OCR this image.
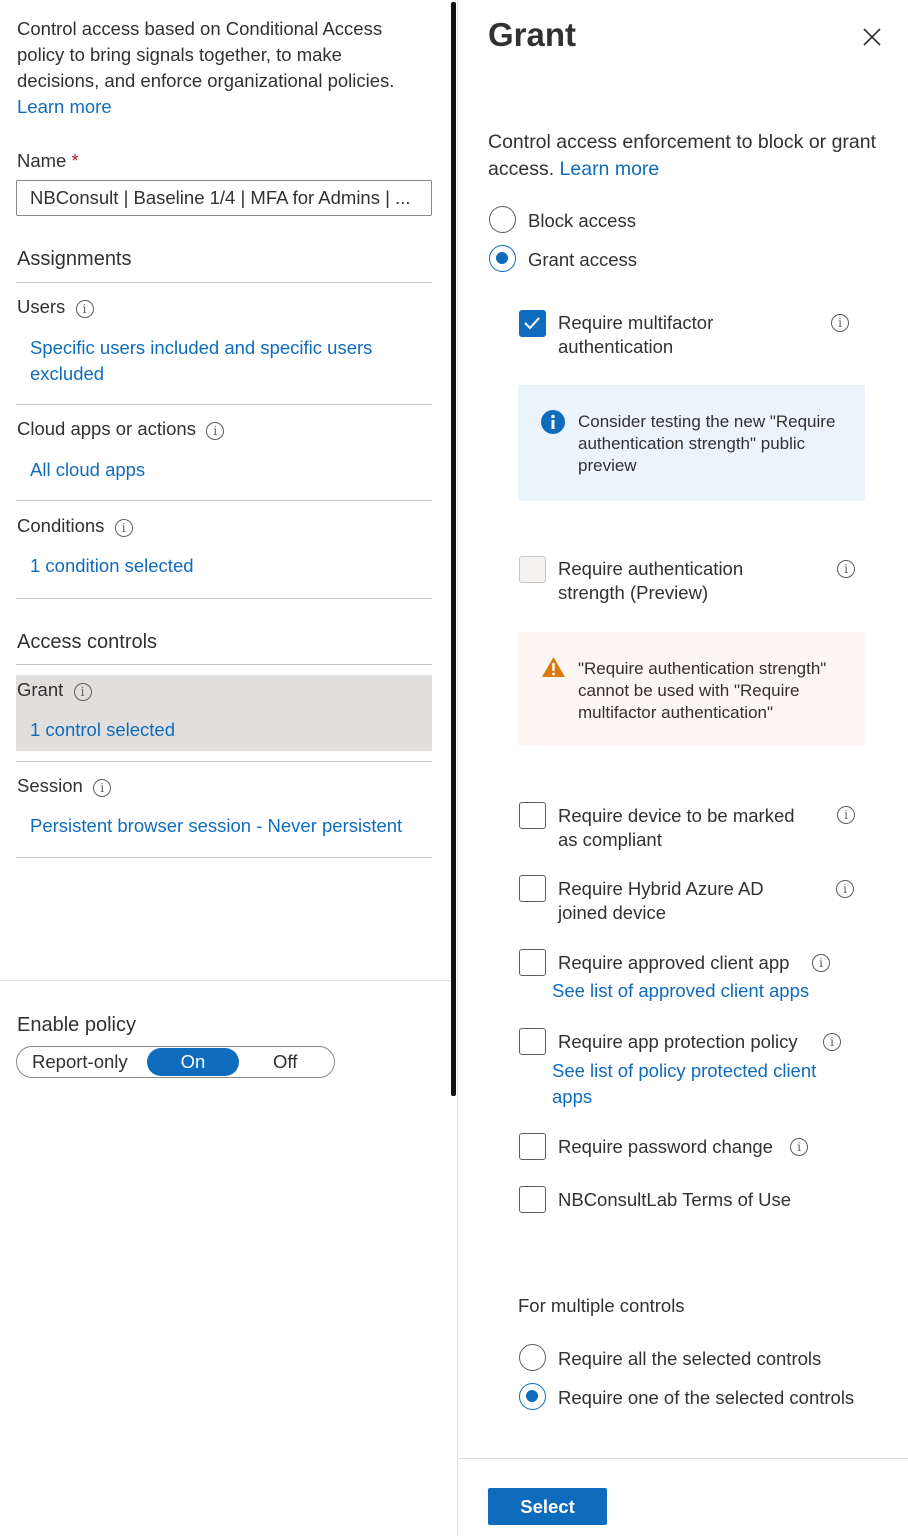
Control access based on Conditional Access policy to bring signals together, to make decisions, and enforce organizational policies.
Learn more
Name *
NBConsult | Baseline 1/4 | MFA for Admins | ...
Assignments
Users i
Specific users included and specific users excluded
Cloud apps or actions i
All cloud apps
Conditions i
1 condition selected
Access controls
Grant i
1 control selected
Session i
Persistent browser session - Never persistent
Enable policy
Report-only	On	Off
Grant
Control access enforcement to block or grant access. Learn more
Block access
Grant access
Require multifactor authentication
i
Consider testing the new "Require authentication strength" public preview
Require authentication strength (Preview)
i
"Require authentication strength" cannot be used with "Require multifactor authentication"
Require device to be marked as compliant
i
Require Hybrid Azure AD joined device
i
Require approved client app	i
See list of approved client apps
Require app protection policy	i
See list of policy protected client apps
Require password change	i
NBConsultLab Terms of Use
For multiple controls
Require all the selected controls
Require one of the selected controls
Select
